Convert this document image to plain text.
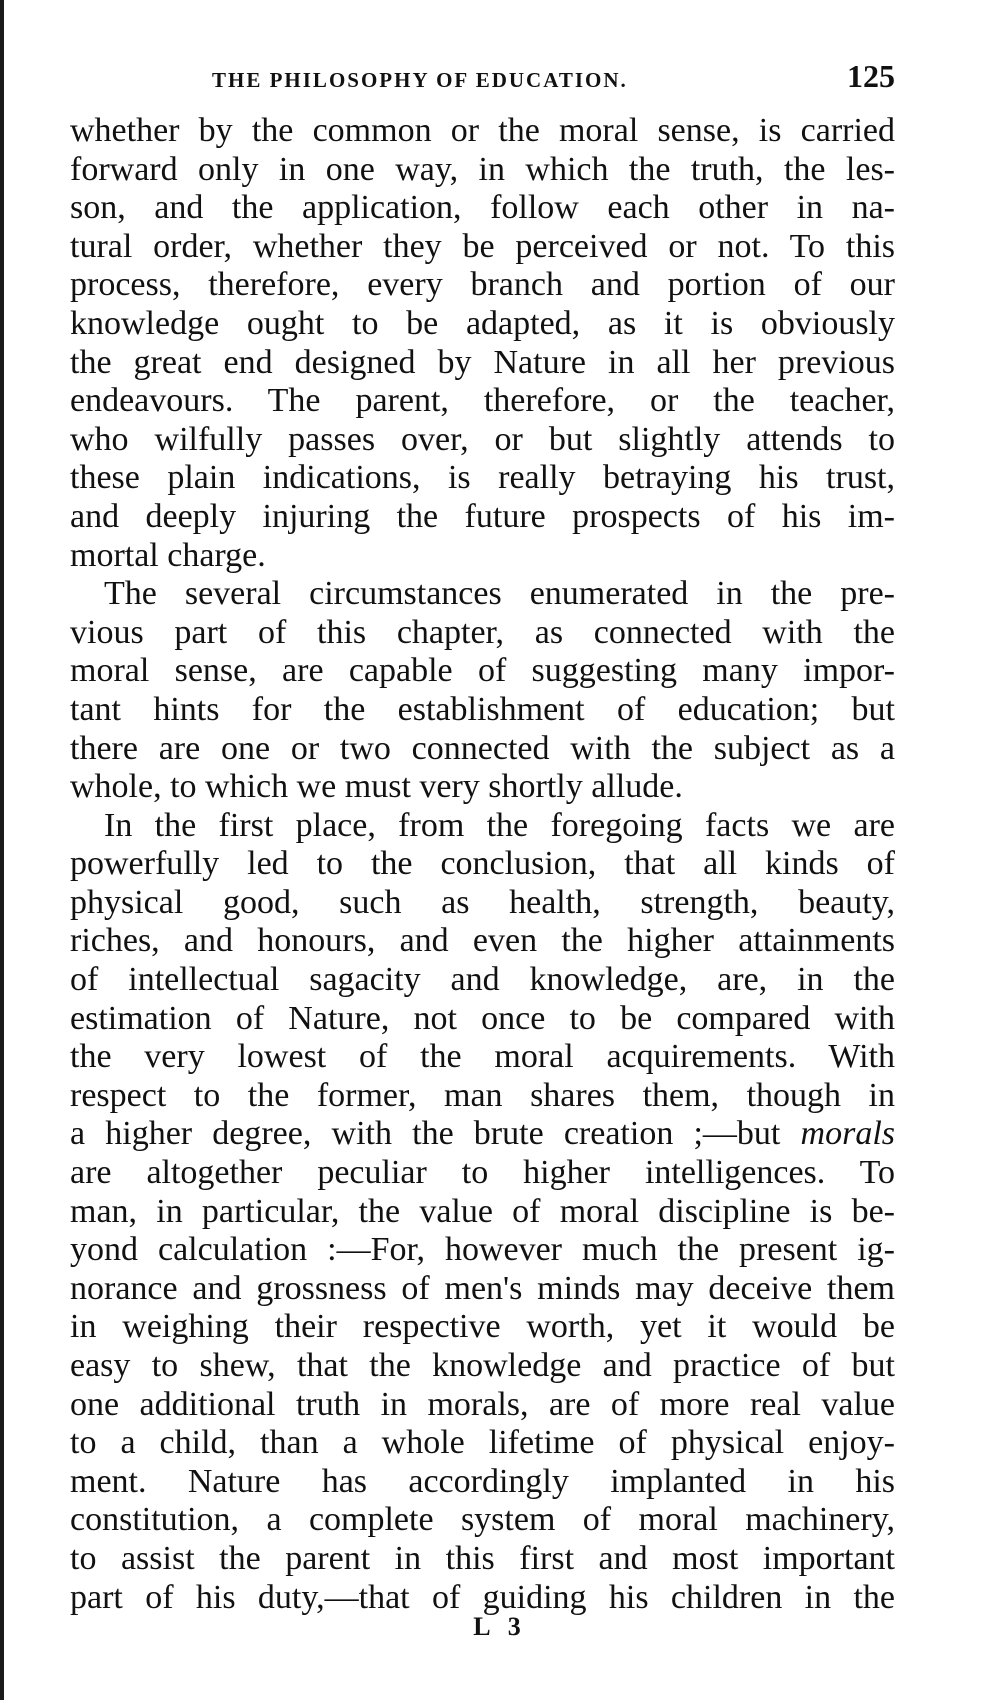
THE PHILOSOPHY OF EDUCATION.	125
whether by the common or the moral sense, is carried
forward only in one way, in which the truth, the les-
son, and the application, follow each other in na-
tural order, whether they be perceived or not. To this
process, therefore, every branch and portion of our
knowledge ought to be adapted, as it is obviously
the great end designed by Nature in all her previous
endeavours. The parent, therefore, or the teacher,
who wilfully passes over, or but slightly attends to
these plain indications, is really betraying his trust,
and deeply injuring the future prospects of his im-
mortal charge.
The several circumstances enumerated in the pre-
vious part of this chapter, as connected with the
moral sense, are capable of suggesting many impor-
tant hints for the establishment of education; but
there are one or two connected with the subject as a
whole, to which we must very shortly allude.
In the first place, from the foregoing facts we are
powerfully led to the conclusion, that all kinds of
physical good, such as health, strength, beauty,
riches, and honours, and even the higher attainments
of intellectual sagacity and knowledge, are, in the
estimation of Nature, not once to be compared with
the very lowest of the moral acquirements. With
respect to the former, man shares them, though in
a higher degree, with the brute creation ;—but morals
are altogether peculiar to higher intelligences. To
man, in particular, the value of moral discipline is be-
yond calculation :—For, however much the present ig-
norance and grossness of men's minds may deceive them
in weighing their respective worth, yet it would be
easy to shew, that the knowledge and practice of but
one additional truth in morals, are of more real value
to a child, than a whole lifetime of physical enjoy-
ment. Nature has accordingly implanted in his
constitution, a complete system of moral machinery,
to assist the parent in this first and most important
part of his duty,—that of guiding his children in the
L 3
